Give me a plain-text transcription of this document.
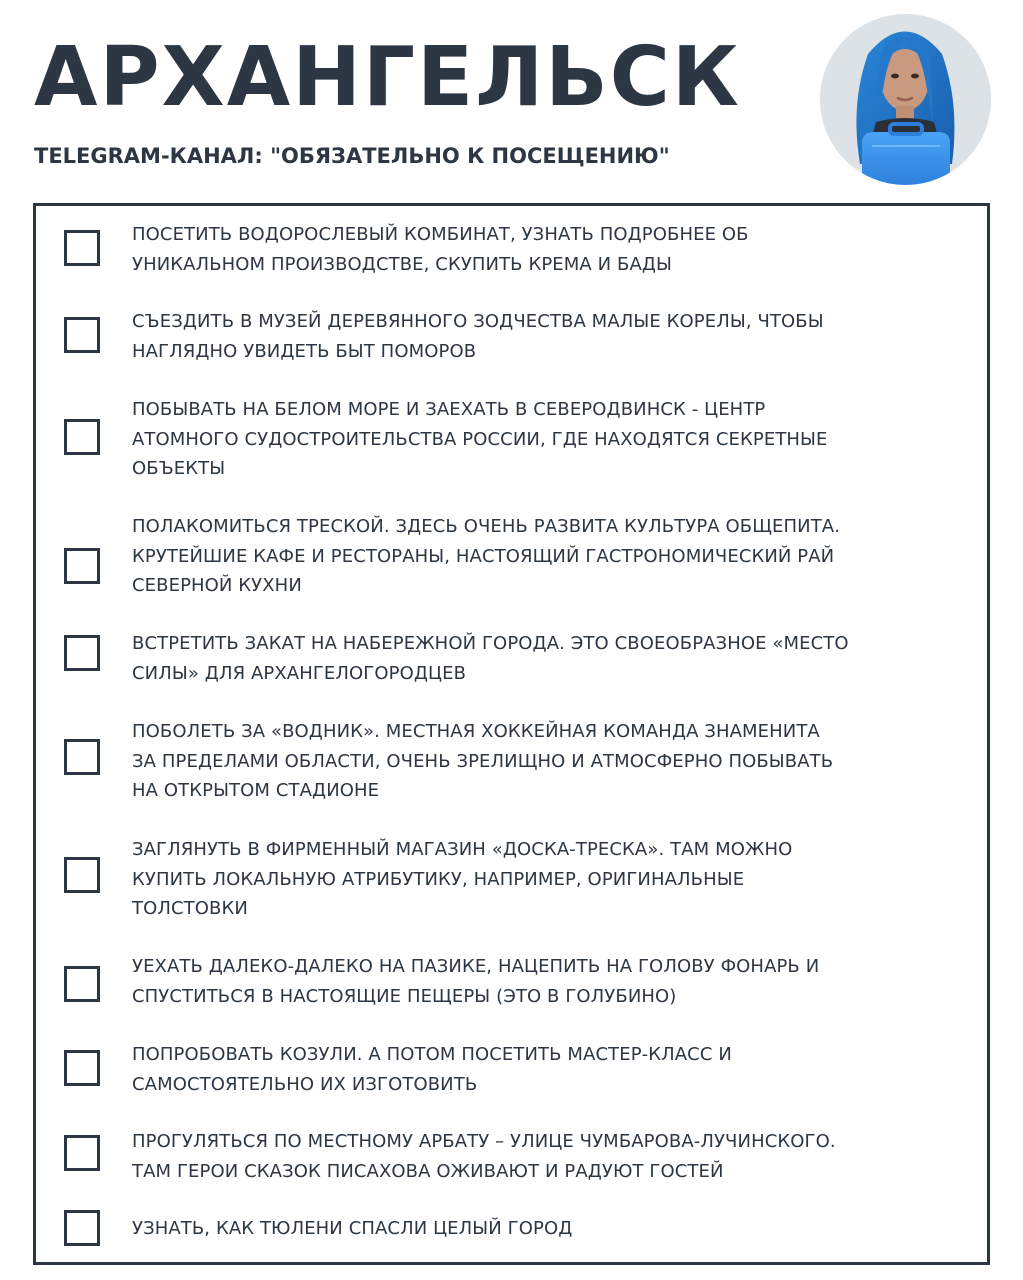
АРХАНГЕЛЬСК

TELEGRAM-КАНАЛ: "ОБЯЗАТЕЛЬНО К ПОСЕЩЕНИЮ"

ПОСЕТИТЬ ВОДОРОСЛЕВЫЙ КОМБИНАТ, УЗНАТЬ ПОДРОБНЕЕ ОБ
УНИКАЛЬНОМ ПРОИЗВОДСТВЕ, СКУПИТЬ КРЕМА И БАДЫ

СЪЕЗДИТЬ В МУЗЕЙ ДЕРЕВЯННОГО ЗОДЧЕСТВА МАЛЫЕ КОРЕЛЫ, ЧТОБЫ
НАГЛЯДНО УВИДЕТЬ БЫТ ПОМОРОВ

ПОБЫВАТЬ НА БЕЛОМ МОРЕ И ЗАЕХАТЬ В СЕВЕРОДВИНСК - ЦЕНТР
АТОМНОГО СУДОСТРОИТЕЛЬСТВА РОССИИ, ГДЕ НАХОДЯТСЯ СЕКРЕТНЫЕ
ОБЪЕКТЫ

ПОЛАКОМИТЬСЯ ТРЕСКОЙ. ЗДЕСЬ ОЧЕНЬ РАЗВИТА КУЛЬТУРА ОБЩЕПИТА.
КРУТЕЙШИЕ КАФЕ И РЕСТОРАНЫ, НАСТОЯЩИЙ ГАСТРОНОМИЧЕСКИЙ РАЙ
СЕВЕРНОЙ КУХНИ

ВСТРЕТИТЬ ЗАКАТ НА НАБЕРЕЖНОЙ ГОРОДА. ЭТО СВОЕОБРАЗНОЕ «МЕСТО
СИЛЫ» ДЛЯ АРХАНГЕЛОГОРОДЦЕВ

ПОБОЛЕТЬ ЗА «ВОДНИК». МЕСТНАЯ ХОККЕЙНАЯ КОМАНДА ЗНАМЕНИТА
ЗА ПРЕДЕЛАМИ ОБЛАСТИ, ОЧЕНЬ ЗРЕЛИЩНО И АТМОСФЕРНО ПОБЫВАТЬ
НА ОТКРЫТОМ СТАДИОНЕ

ЗАГЛЯНУТЬ В ФИРМЕННЫЙ МАГАЗИН «ДОСКА-ТРЕСКА». ТАМ МОЖНО
КУПИТЬ ЛОКАЛЬНУЮ АТРИБУТИКУ, НАПРИМЕР, ОРИГИНАЛЬНЫЕ
ТОЛСТОВКИ

УЕХАТЬ ДАЛЕКО-ДАЛЕКО НА ПАЗИКЕ, НАЦЕПИТЬ НА ГОЛОВУ ФОНАРЬ И
СПУСТИТЬСЯ В НАСТОЯЩИЕ ПЕЩЕРЫ (ЭТО В ГОЛУБИНО)

ПОПРОБОВАТЬ КОЗУЛИ. А ПОТОМ ПОСЕТИТЬ МАСТЕР-КЛАСС И
САМОСТОЯТЕЛЬНО ИХ ИЗГОТОВИТЬ

ПРОГУЛЯТЬСЯ ПО МЕСТНОМУ АРБАТУ – УЛИЦЕ ЧУМБАРОВА-ЛУЧИНСКОГО.
ТАМ ГЕРОИ СКАЗОК ПИСАХОВА ОЖИВАЮТ И РАДУЮТ ГОСТЕЙ

УЗНАТЬ, КАК ТЮЛЕНИ СПАСЛИ ЦЕЛЫЙ ГОРОД
